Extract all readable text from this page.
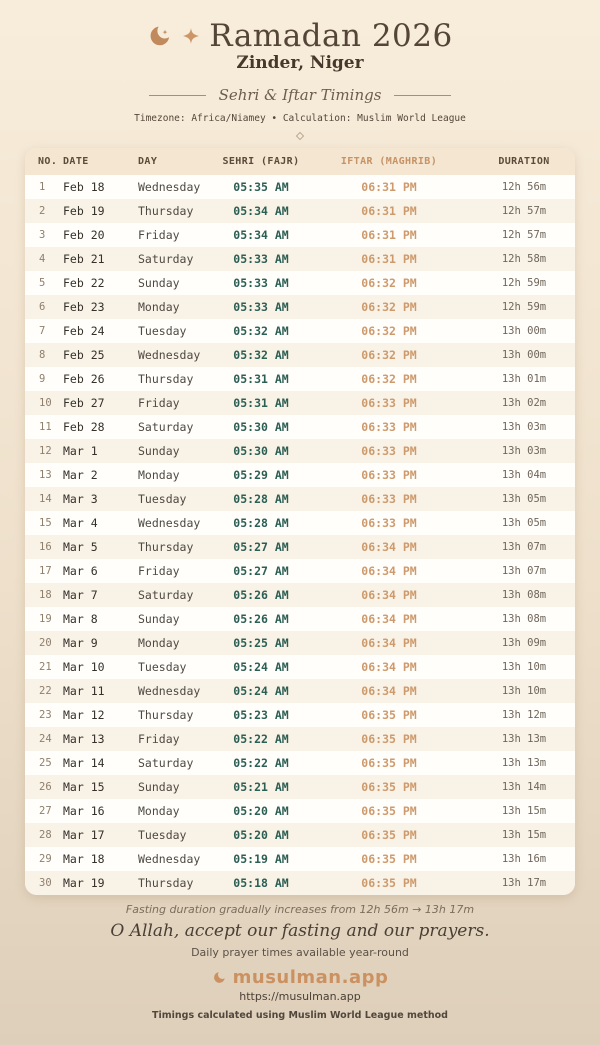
Ramadan 2026
Zinder, Niger
Sehri & Iftar Timings
Timezone: Africa/Niamey • Calculation: Muslim World League
NO.	DATE	DAY	SEHRI (FAJR)	IFTAR (MAGHRIB)	DURATION
1	Feb 18	Wednesday	05:35 AM	06:31 PM	12h 56m
2	Feb 19	Thursday	05:34 AM	06:31 PM	12h 57m
3	Feb 20	Friday	05:34 AM	06:31 PM	12h 57m
4	Feb 21	Saturday	05:33 AM	06:31 PM	12h 58m
5	Feb 22	Sunday	05:33 AM	06:32 PM	12h 59m
6	Feb 23	Monday	05:33 AM	06:32 PM	12h 59m
7	Feb 24	Tuesday	05:32 AM	06:32 PM	13h 00m
8	Feb 25	Wednesday	05:32 AM	06:32 PM	13h 00m
9	Feb 26	Thursday	05:31 AM	06:32 PM	13h 01m
10	Feb 27	Friday	05:31 AM	06:33 PM	13h 02m
11	Feb 28	Saturday	05:30 AM	06:33 PM	13h 03m
12	Mar 1	Sunday	05:30 AM	06:33 PM	13h 03m
13	Mar 2	Monday	05:29 AM	06:33 PM	13h 04m
14	Mar 3	Tuesday	05:28 AM	06:33 PM	13h 05m
15	Mar 4	Wednesday	05:28 AM	06:33 PM	13h 05m
16	Mar 5	Thursday	05:27 AM	06:34 PM	13h 07m
17	Mar 6	Friday	05:27 AM	06:34 PM	13h 07m
18	Mar 7	Saturday	05:26 AM	06:34 PM	13h 08m
19	Mar 8	Sunday	05:26 AM	06:34 PM	13h 08m
20	Mar 9	Monday	05:25 AM	06:34 PM	13h 09m
21	Mar 10	Tuesday	05:24 AM	06:34 PM	13h 10m
22	Mar 11	Wednesday	05:24 AM	06:34 PM	13h 10m
23	Mar 12	Thursday	05:23 AM	06:35 PM	13h 12m
24	Mar 13	Friday	05:22 AM	06:35 PM	13h 13m
25	Mar 14	Saturday	05:22 AM	06:35 PM	13h 13m
26	Mar 15	Sunday	05:21 AM	06:35 PM	13h 14m
27	Mar 16	Monday	05:20 AM	06:35 PM	13h 15m
28	Mar 17	Tuesday	05:20 AM	06:35 PM	13h 15m
29	Mar 18	Wednesday	05:19 AM	06:35 PM	13h 16m
30	Mar 19	Thursday	05:18 AM	06:35 PM	13h 17m
Fasting duration gradually increases from 12h 56m → 13h 17m
O Allah, accept our fasting and our prayers.
Daily prayer times available year-round
musulman.app
https://musulman.app
Timings calculated using Muslim World League method
